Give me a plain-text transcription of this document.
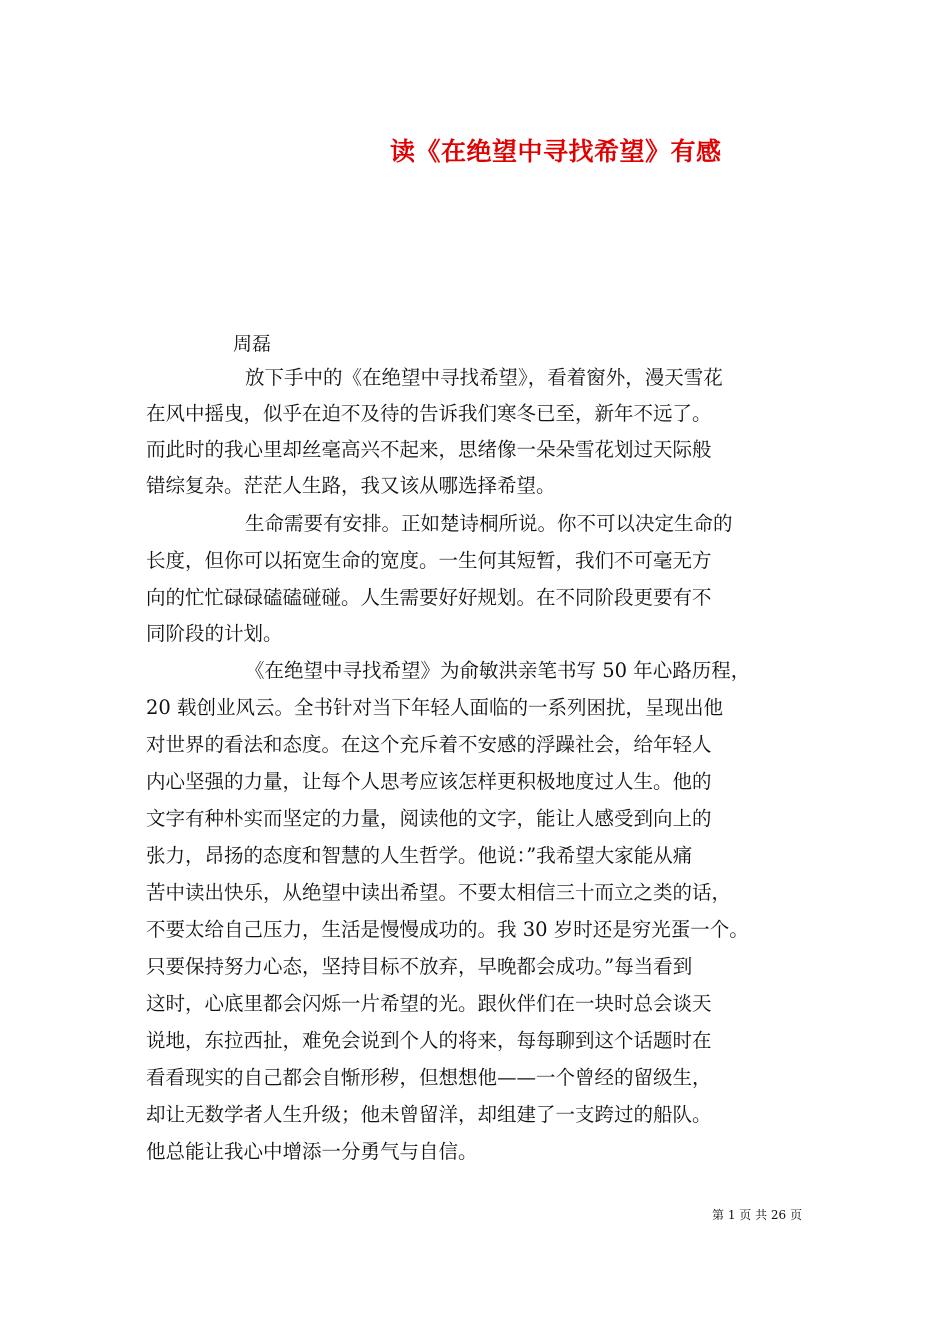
读《在绝望中寻找希望》有感
周磊
放下手中的《在绝望中寻找希望》，看着窗外，漫天雪花
在风中摇曳，似乎在迫不及待的告诉我们寒冬已至，新年不远了。
而此时的我心里却丝毫高兴不起来，思绪像一朵朵雪花划过天际般
错综复杂。茫茫人生路，我又该从哪选择希望。
生命需要有安排。正如楚诗桐所说。你不可以决定生命的
长度，但你可以拓宽生命的宽度。一生何其短暂，我们不可毫无方
向的忙忙碌碌磕磕碰碰。人生需要好好规划。在不同阶段更要有不
同阶段的计划。
《在绝望中寻找希望》为俞敏洪亲笔书写 50 年心路历程，
20 载创业风云。全书针对当下年轻人面临的一系列困扰，呈现出他
对世界的看法和态度。在这个充斥着不安感的浮躁社会，给年轻人
内心坚强的力量，让每个人思考应该怎样更积极地度过人生。他的
文字有种朴实而坚定的力量，阅读他的文字，能让人感受到向上的
张力，昂扬的态度和智慧的人生哲学。他说：”我希望大家能从痛
苦中读出快乐，从绝望中读出希望。不要太相信三十而立之类的话，
不要太给自己压力，生活是慢慢成功的。我 30 岁时还是穷光蛋一个。
只要保持努力心态，坚持目标不放弃，早晚都会成功。”每当看到
这时，心底里都会闪烁一片希望的光。跟伙伴们在一块时总会谈天
说地，东拉西扯，难免会说到个人的将来，每每聊到这个话题时在
看看现实的自己都会自惭形秽，但想想他——一个曾经的留级生，
却让无数学者人生升级；他未曾留洋，却组建了一支跨过的船队。
他总能让我心中增添一分勇气与自信。
第 1 页 共 26 页
